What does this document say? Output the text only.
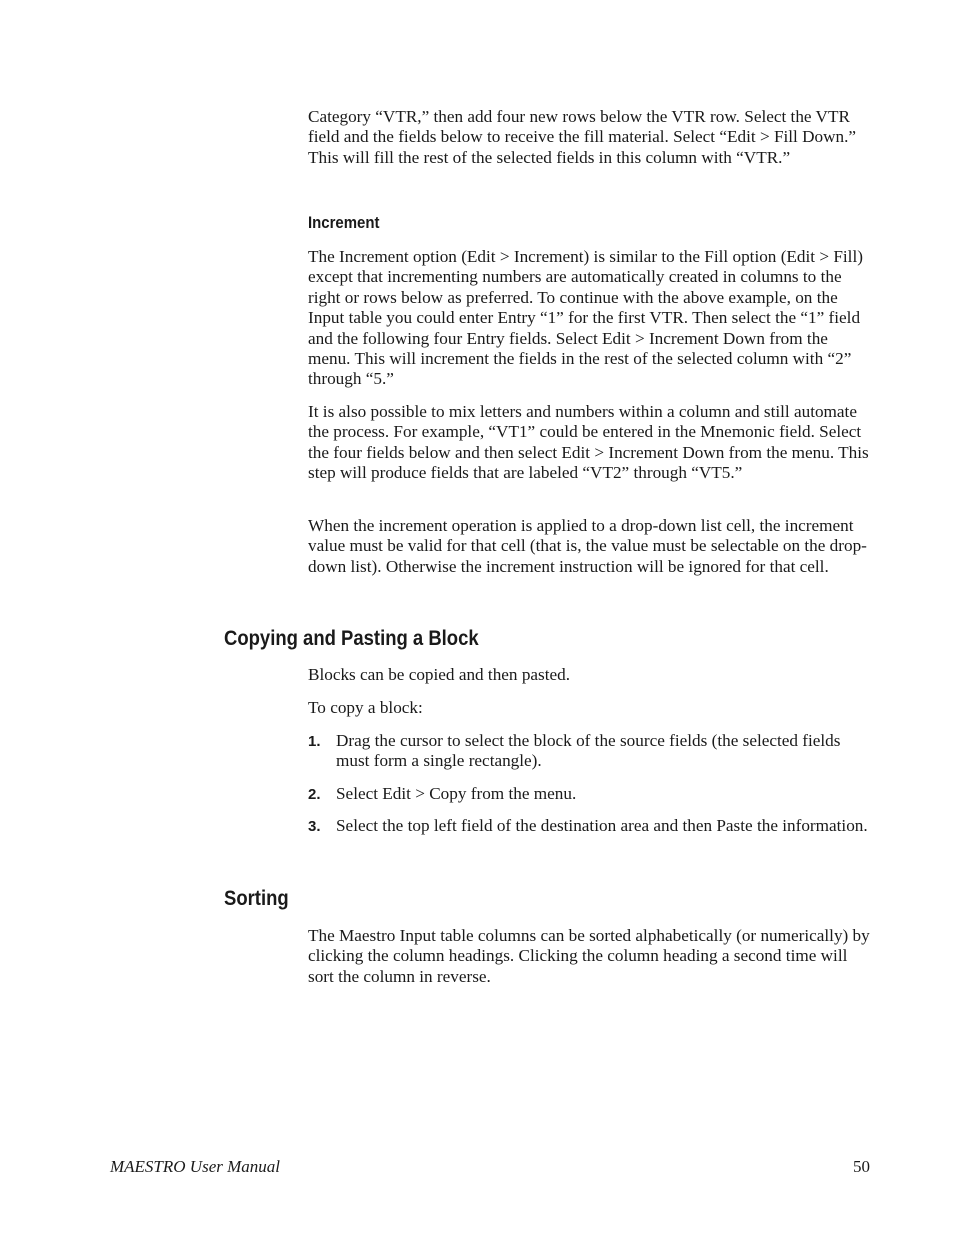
Category “VTR,” then add four new rows below the VTR row. Select the VTR field and the fields below to receive the fill material. Select “Edit > Fill Down.” This will fill the rest of the selected fields in this column with “VTR.”

Increment

The Increment option (Edit > Increment) is similar to the Fill option (Edit > Fill) except that incrementing numbers are automatically created in columns to the right or rows below as preferred. To continue with the above example, on the Input table you could enter Entry “1” for the first VTR. Then select the “1” field and the following four Entry fields. Select Edit > Increment Down from the menu. This will increment the fields in the rest of the selected column with “2” through “5.”

It is also possible to mix letters and numbers within a column and still automate the process. For example, “VT1” could be entered in the Mnemonic field. Select the four fields below and then select Edit > Increment Down from the menu. This step will produce fields that are labeled “VT2” through “VT5.”

When the increment operation is applied to a drop-down list cell, the increment value must be valid for that cell (that is, the value must be selectable on the drop-down list). Otherwise the increment instruction will be ignored for that cell.

Copying and Pasting a Block

Blocks can be copied and then pasted.

To copy a block:

1. Drag the cursor to select the block of the source fields (the selected fields must form a single rectangle).
2. Select Edit > Copy from the menu.
3. Select the top left field of the destination area and then Paste the information.
Sorting

The Maestro Input table columns can be sorted alphabetically (or numerically) by clicking the column headings. Clicking the column heading a second time will sort the column in reverse.

MAESTRO User Manual	50
